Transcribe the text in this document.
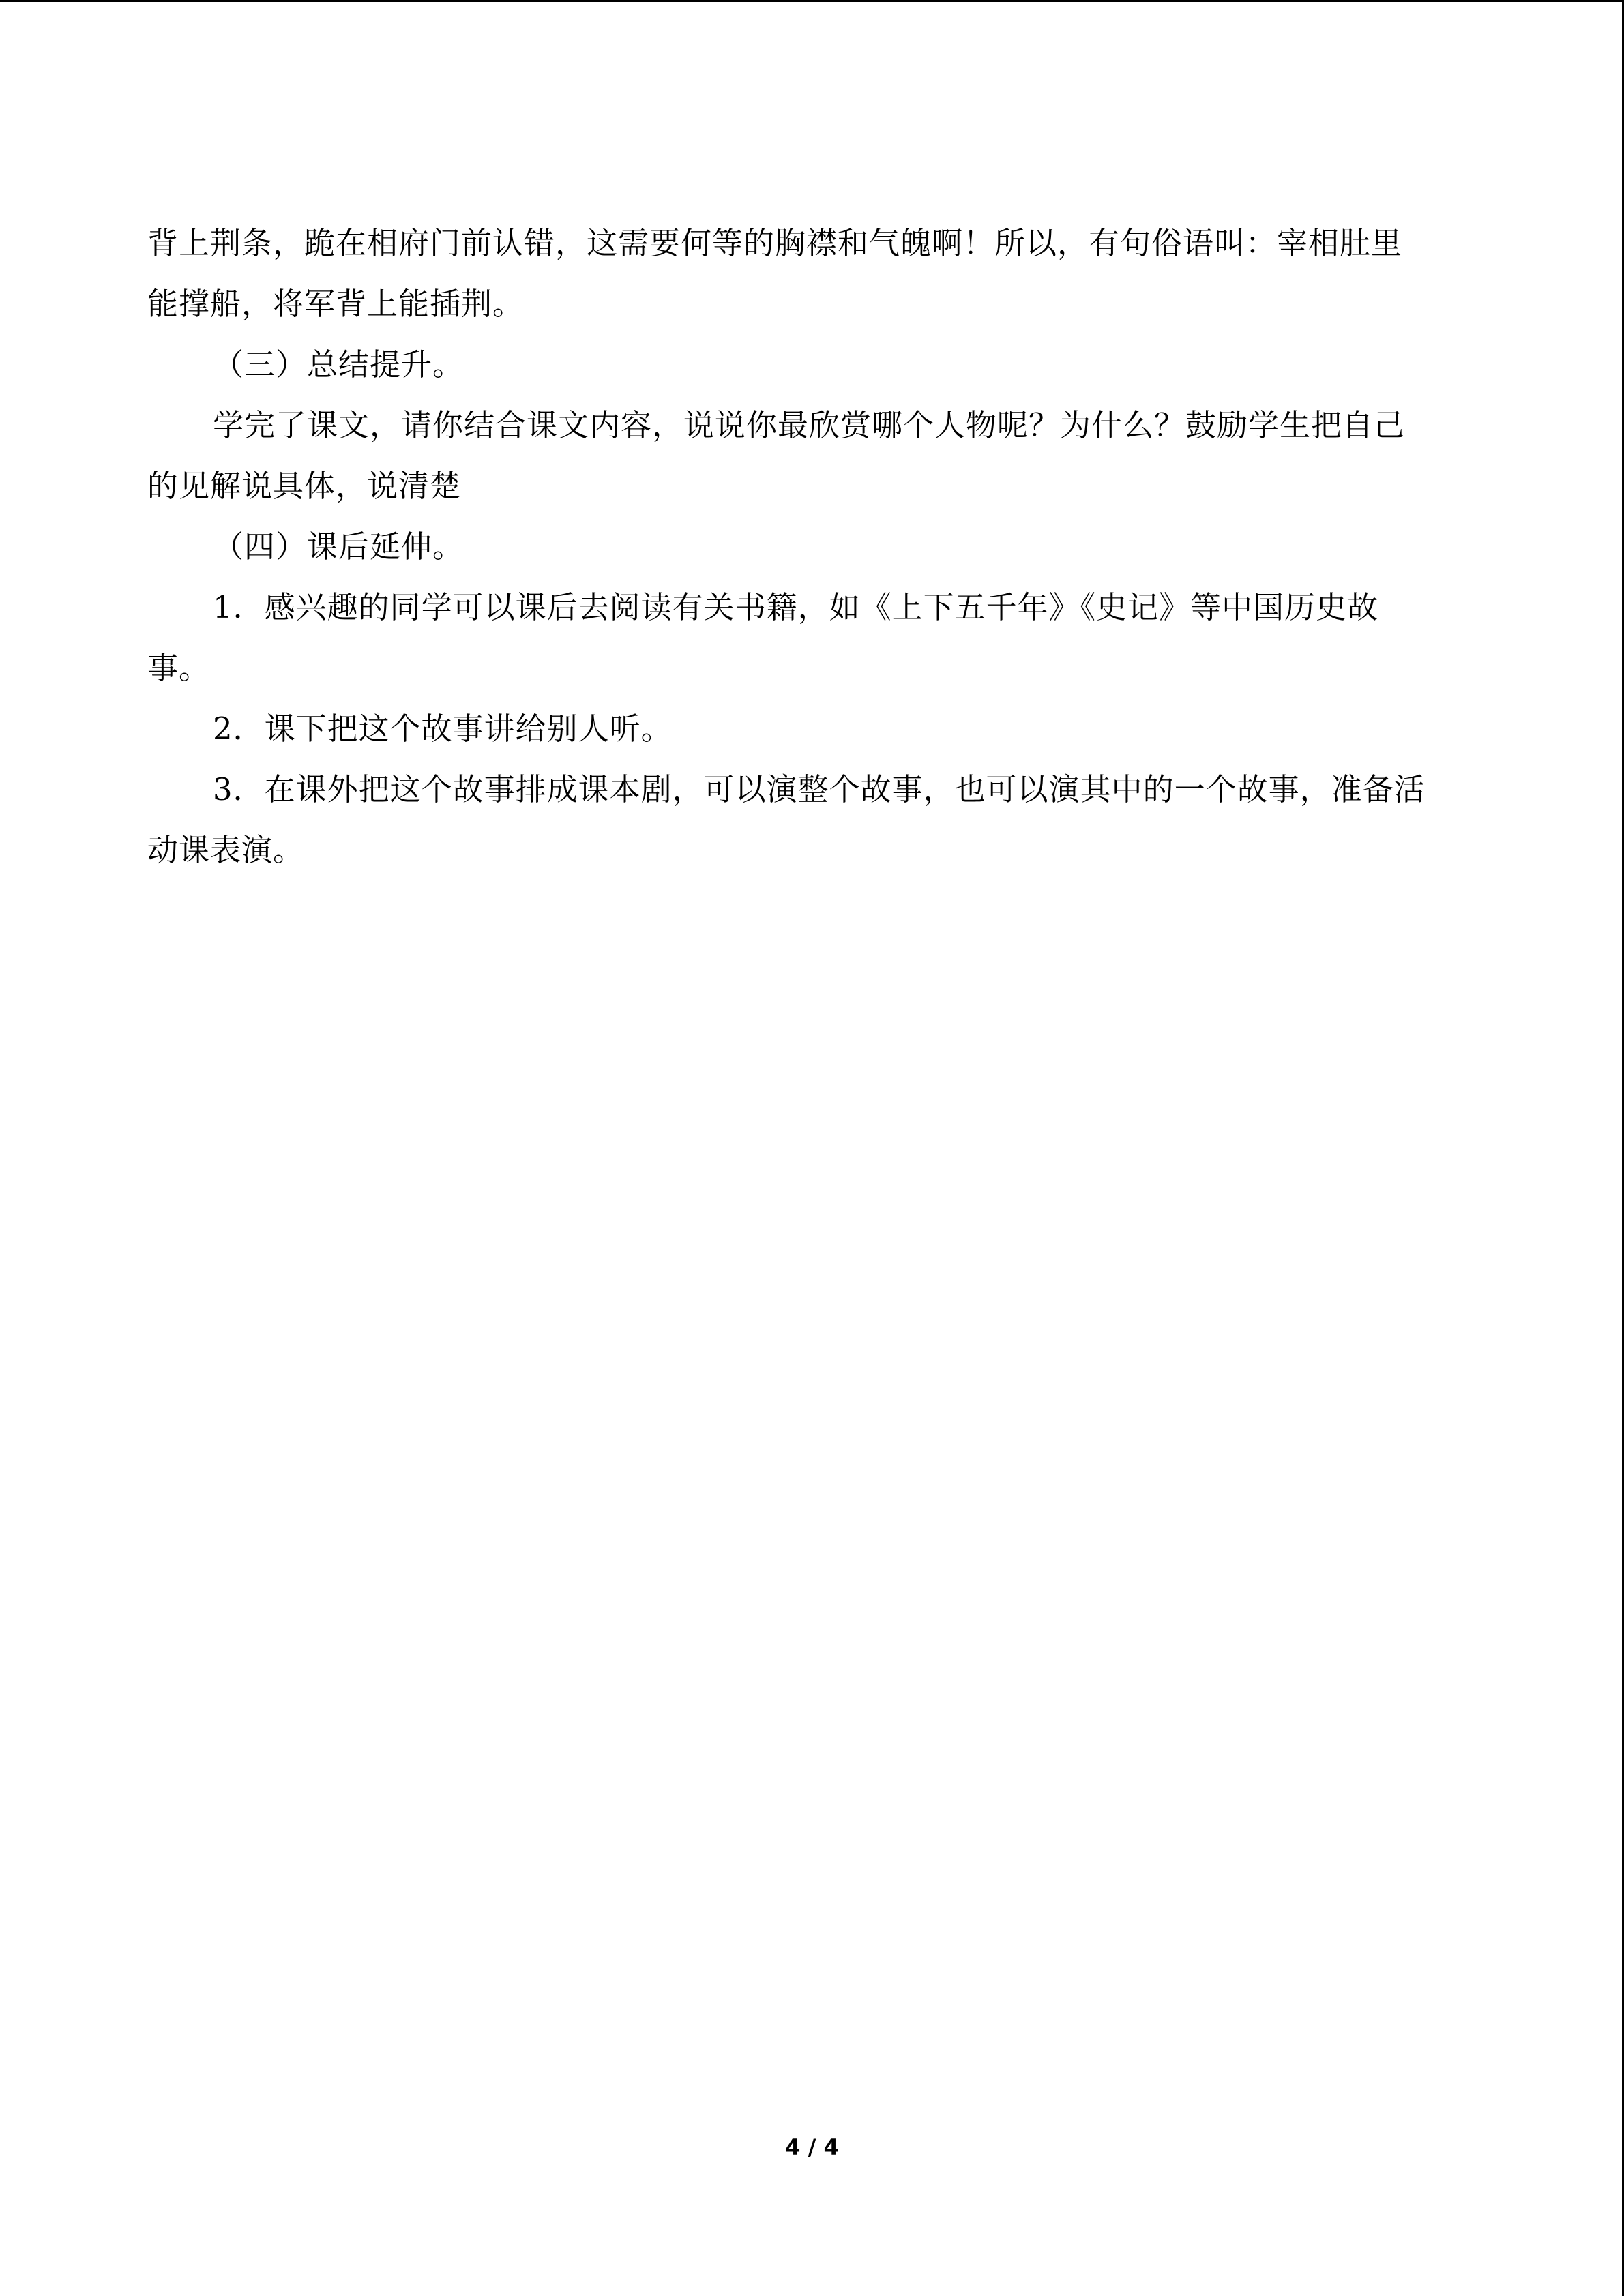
背上荆条，跪在相府门前认错，这需要何等的胸襟和气魄啊！所以，有句俗语叫：宰相肚里
能撑船，将军背上能插荆。
（三）总结提升。
学完了课文，请你结合课文内容，说说你最欣赏哪个人物呢？为什么？鼓励学生把自己
的见解说具体，说清楚
（四）课后延伸。
1．感兴趣的同学可以课后去阅读有关书籍，如《上下五千年》《史记》等中国历史故
事。
2．课下把这个故事讲给别人听。
3．在课外把这个故事排成课本剧，可以演整个故事，也可以演其中的一个故事，准备活
动课表演。
4 / 4
